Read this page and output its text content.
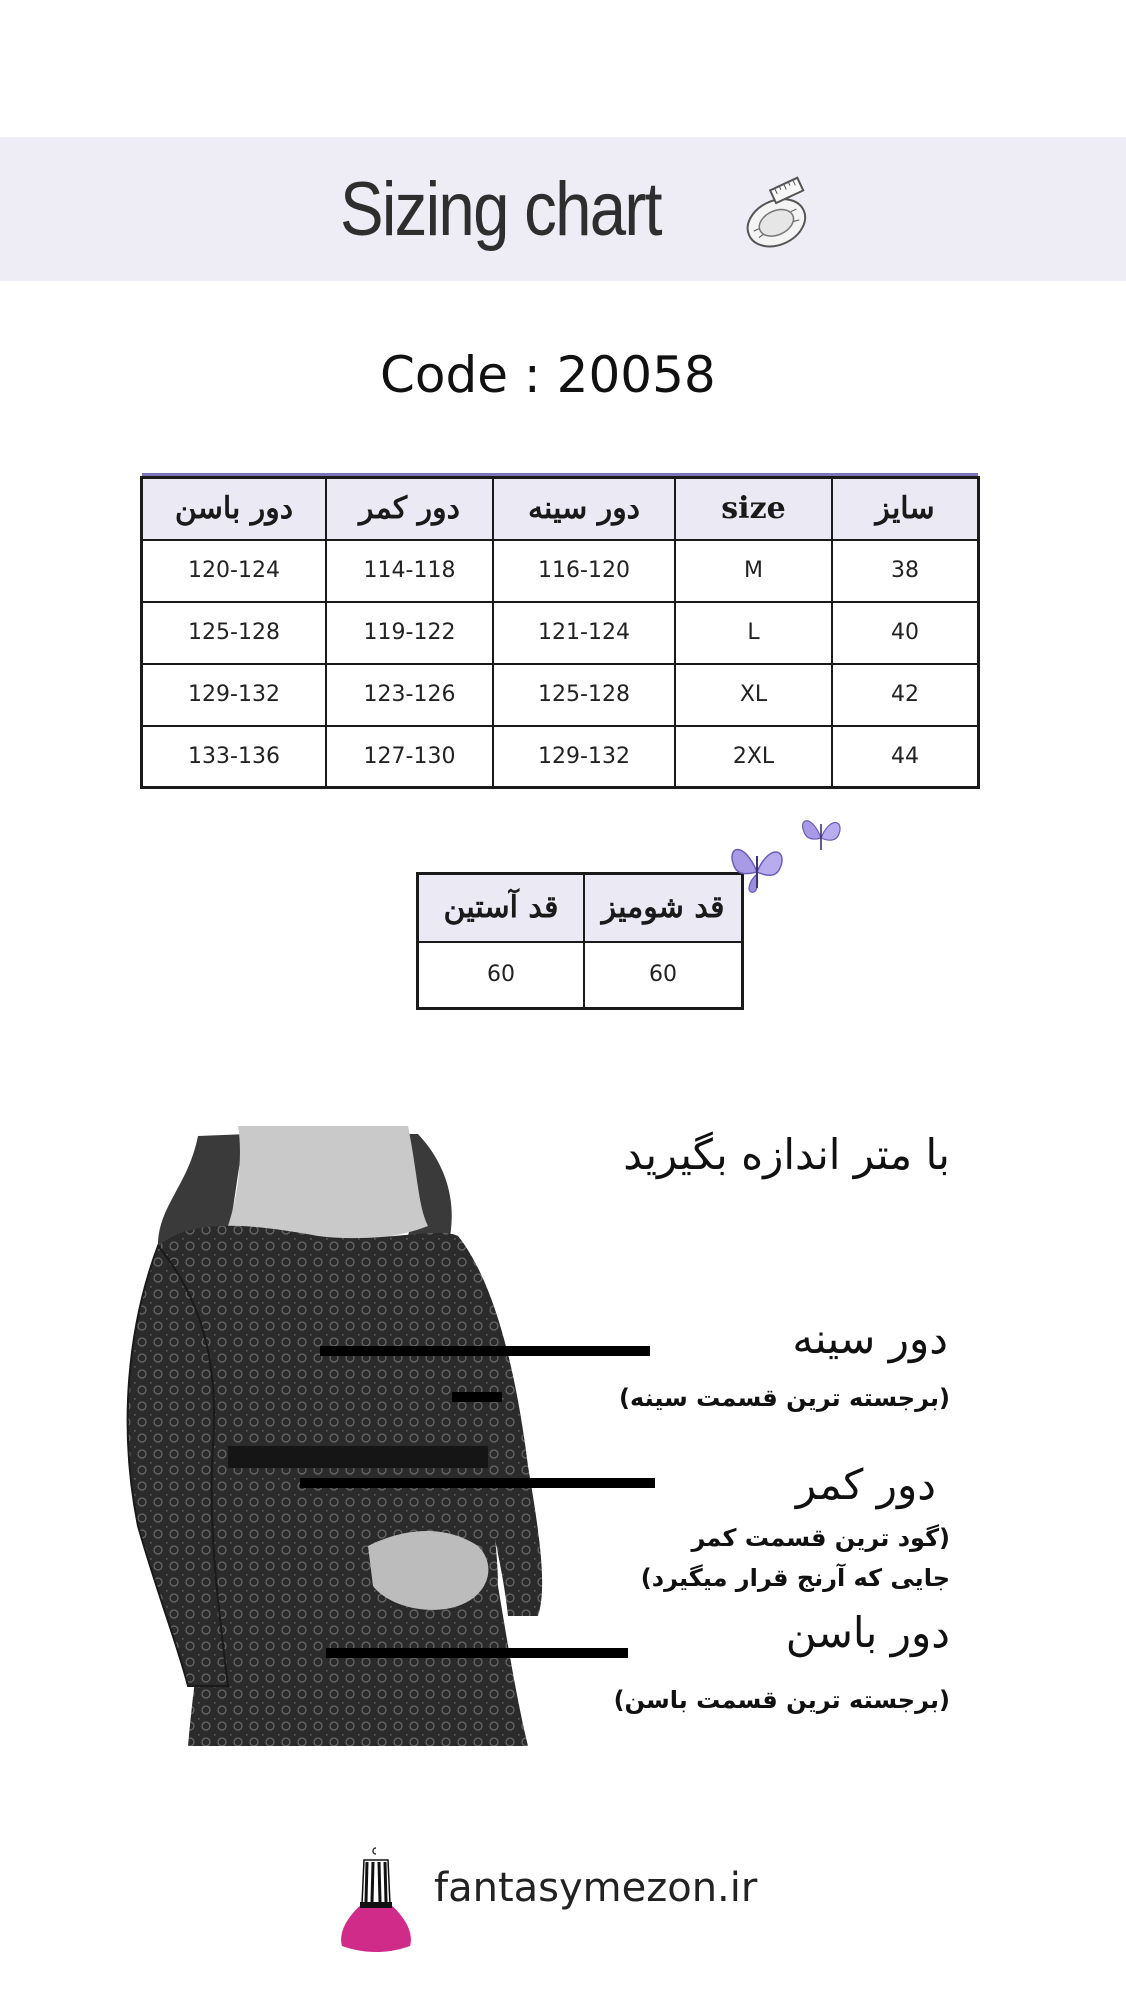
Sizing chart
Code : 20058
دور باسن	دور کمر	دور سینه	size	سایز
120-124	114-118	116-120	M	38
125-128	119-122	121-124	L	40
129-132	123-126	125-128	XL	42
133-136	127-130	129-132	2XL	44
قد آستین	قد شومیز
60	60
با متر اندازه بگیرید
دور سینه
(برجسته ترین قسمت سینه)
دور کمر
(گود ترین قسمت کمر
جایی که آرنج قرار میگیرد)
دور باسن
(برجسته ترین قسمت باسن)
fantasymezon.ir
